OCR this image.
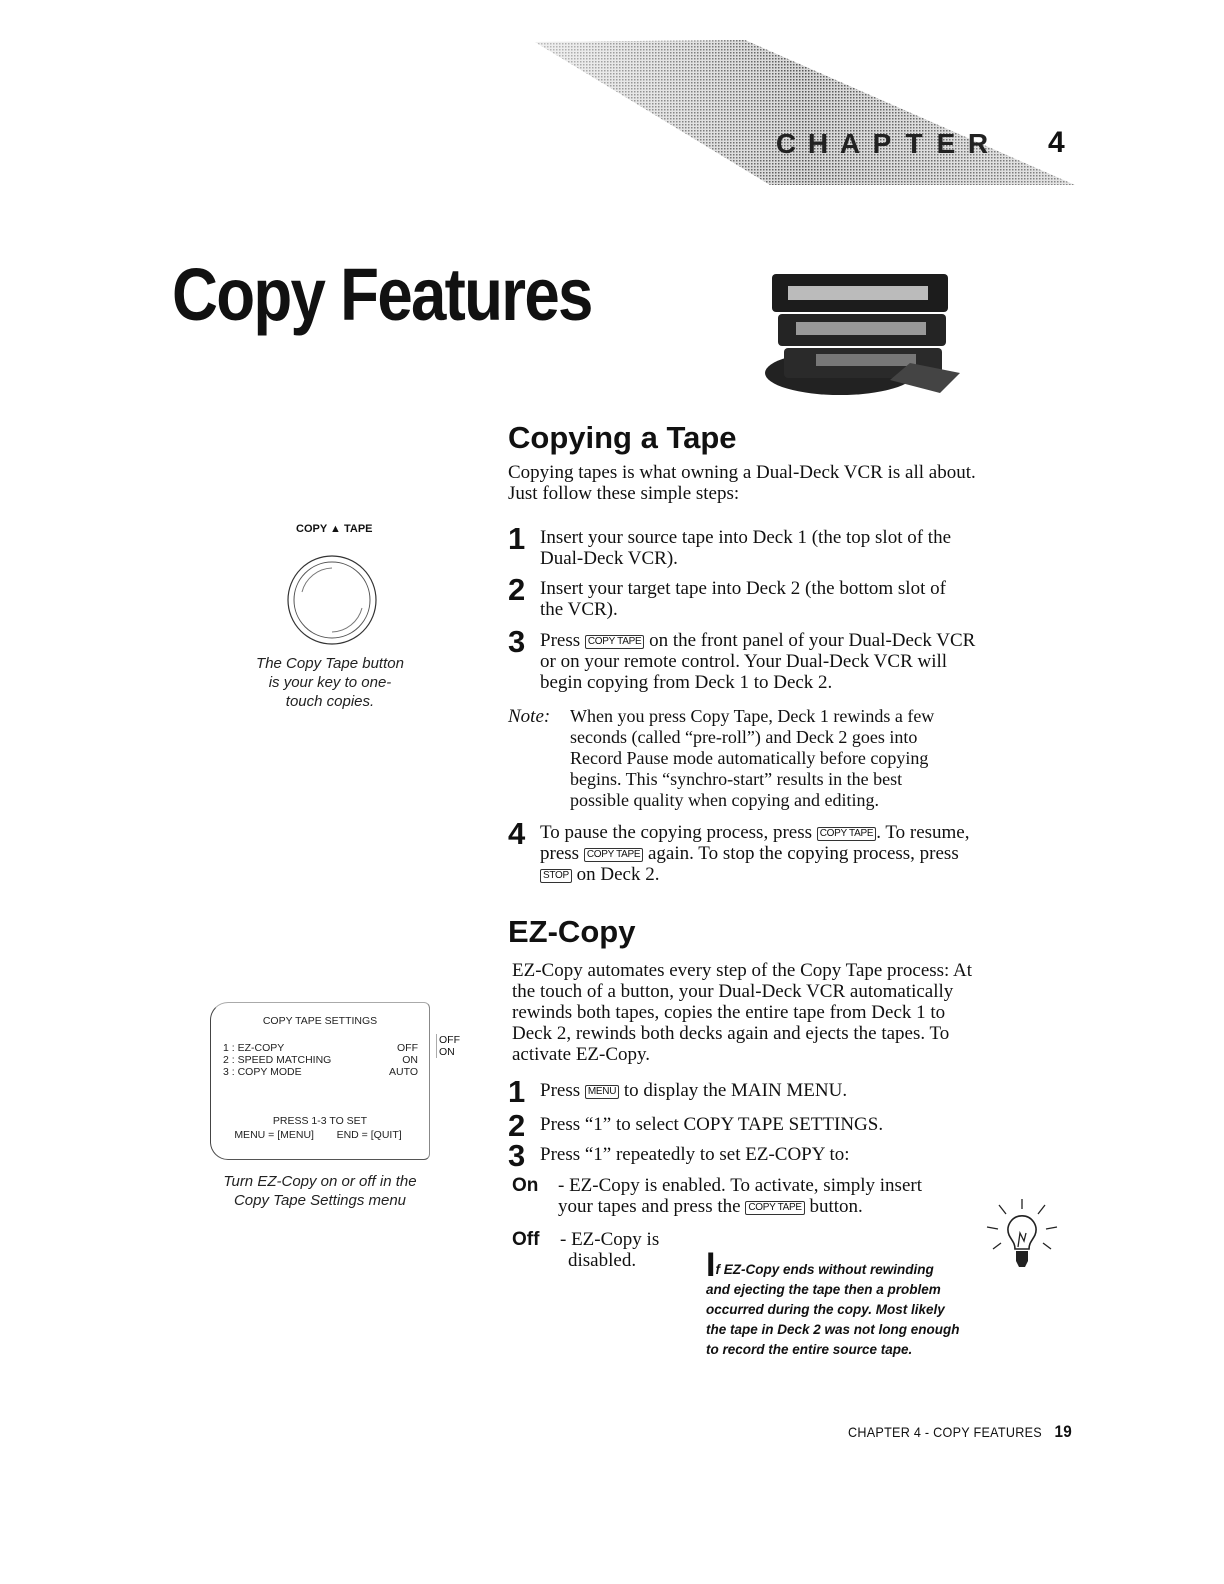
C H A P T E R 4
Copy Features
COPY ▲ TAPE
The Copy Tape button
is your key to one-
touch copies.
COPY TAPE SETTINGS
1 : EZ-COPY	OFF
2 : SPEED MATCHING	ON
3 : COPY MODE	AUTO
PRESS 1-3 TO SET
MENU = [MENU] END = [QUIT]
OFF
ON
Turn EZ-Copy on or off in the
Copy Tape Settings menu
Copying a Tape
Copying tapes is what owning a Dual-Deck VCR is all about.
Just follow these simple steps:
1 Insert your source tape into Deck 1 (the top slot of the
Dual-Deck VCR).
2 Insert your target tape into Deck 2 (the bottom slot of
the VCR).
3 Press COPY TAPE on the front panel of your Dual-Deck VCR
or on your remote control. Your Dual-Deck VCR will
begin copying from Deck 1 to Deck 2.
Note: When you press Copy Tape, Deck 1 rewinds a few
seconds (called “pre-roll”) and Deck 2 goes into
Record Pause mode automatically before copying
begins. This “synchro-start” results in the best
possible quality when copying and editing.
4 To pause the copying process, press COPY TAPE . To resume,
press COPY TAPE again. To stop the copying process, press
STOP on Deck 2.
EZ-Copy
EZ-Copy automates every step of the Copy Tape process: At
the touch of a button, your Dual-Deck VCR automatically
rewinds both tapes, copies the entire tape from Deck 1 to
Deck 2, rewinds both decks again and ejects the tapes. To
activate EZ-Copy.
1 Press MENU to display the MAIN MENU.
2 Press “1” to select COPY TAPE SETTINGS.
3 Press “1” repeatedly to set EZ-COPY to:
On - EZ-Copy is enabled. To activate, simply insert
your tapes and press the COPY TAPE button.
Off - EZ-Copy is
disabled.	If EZ-Copy ends without rewinding
and ejecting the tape then a problem
occurred during the copy. Most likely
the tape in Deck 2 was not long enough
to record the entire source tape.
CHAPTER 4 - COPY FEATURES 19
